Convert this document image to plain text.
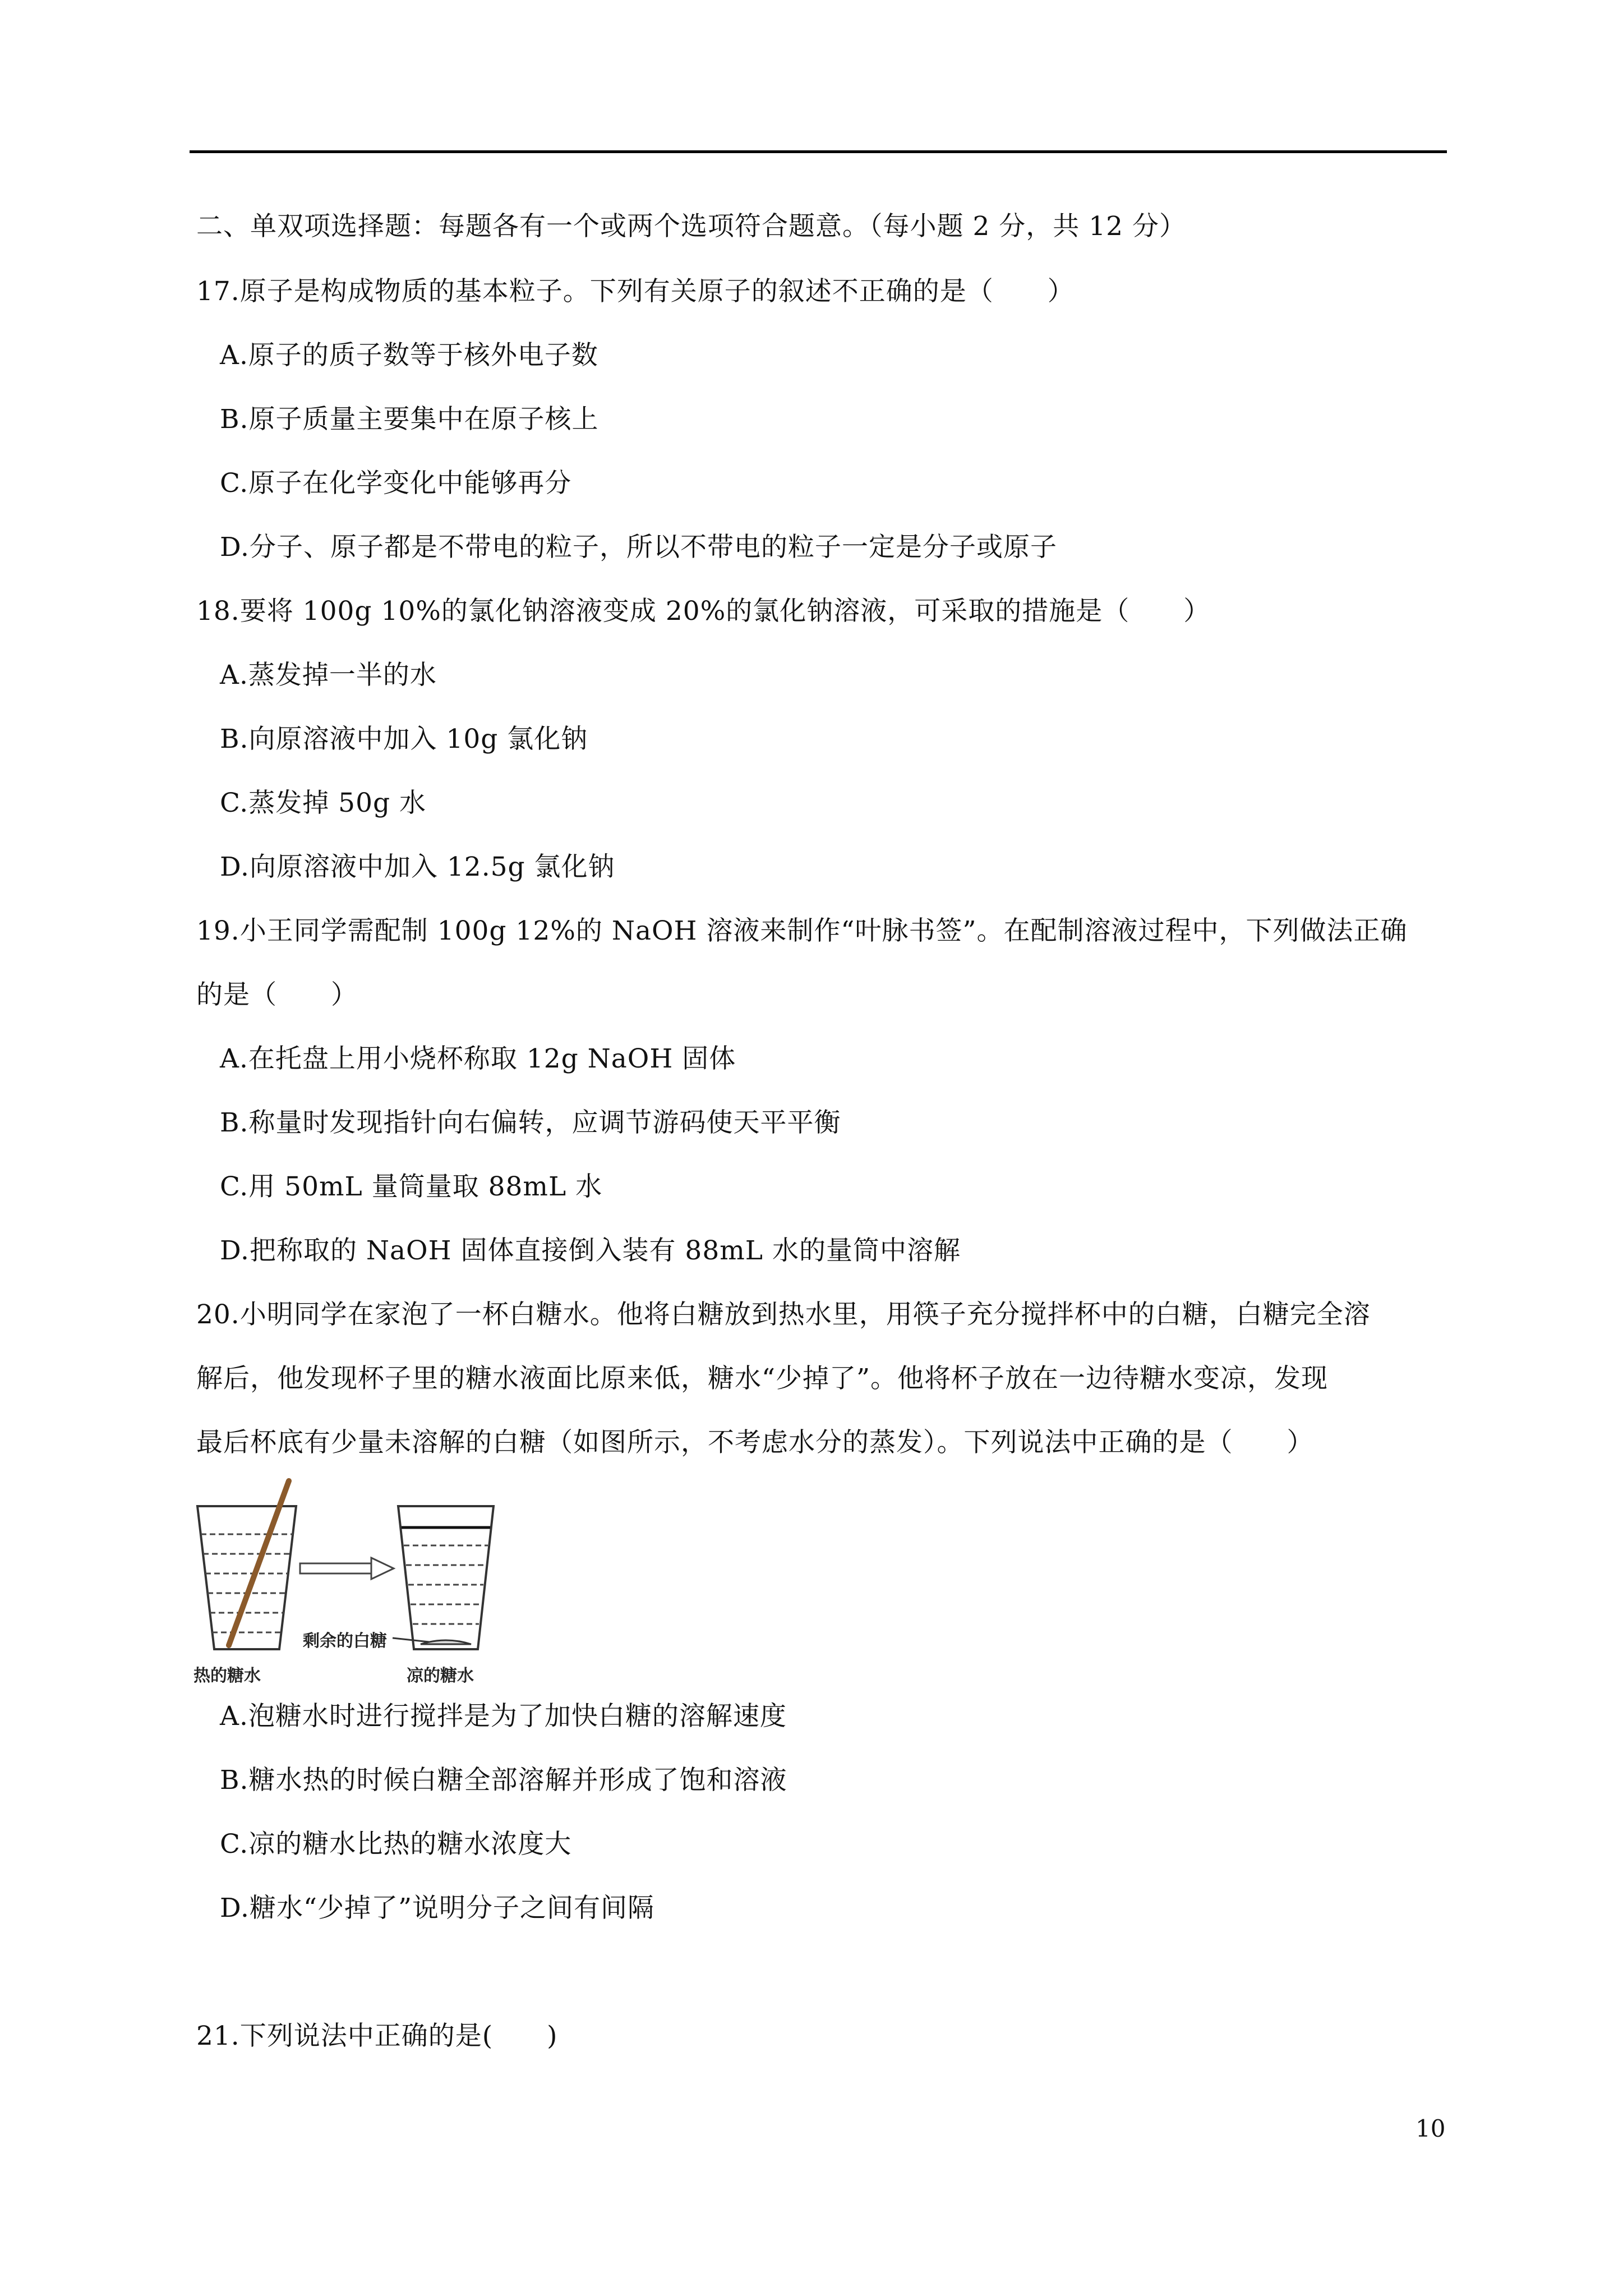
二、单双项选择题：每题各有一个或两个选项符合题意。（每小题 2 分，共 12 分）
17.原子是构成物质的基本粒子。下列有关原子的叙述不正确的是（　　）
A.原子的质子数等于核外电子数
B.原子质量主要集中在原子核上
C.原子在化学变化中能够再分
D.分子、原子都是不带电的粒子，所以不带电的粒子一定是分子或原子
18.要将 100g 10%的氯化钠溶液变成 20%的氯化钠溶液，可采取的措施是（　　）
A.蒸发掉一半的水
B.向原溶液中加入 10g 氯化钠
C.蒸发掉 50g 水
D.向原溶液中加入 12.5g 氯化钠
19.小王同学需配制 100g 12%的 NaOH 溶液来制作“叶脉书签”。在配制溶液过程中，下列做法正确
的是（　　）
A.在托盘上用小烧杯称取 12g NaOH 固体
B.称量时发现指针向右偏转，应调节游码使天平平衡
C.用 50mL 量筒量取 88mL 水
D.把称取的 NaOH 固体直接倒入装有 88mL 水的量筒中溶解
20.小明同学在家泡了一杯白糖水。他将白糖放到热水里，用筷子充分搅拌杯中的白糖，白糖完全溶
解后，他发现杯子里的糖水液面比原来低，糖水“少掉了”。他将杯子放在一边待糖水变凉，发现
最后杯底有少量未溶解的白糖（如图所示，不考虑水分的蒸发）。下列说法中正确的是（　　）
剩余的白糖
热的糖水	凉的糖水
A.泡糖水时进行搅拌是为了加快白糖的溶解速度
B.糖水热的时候白糖全部溶解并形成了饱和溶液
C.凉的糖水比热的糖水浓度大
D.糖水“少掉了”说明分子之间有间隔
21.下列说法中正确的是(　　)
10
